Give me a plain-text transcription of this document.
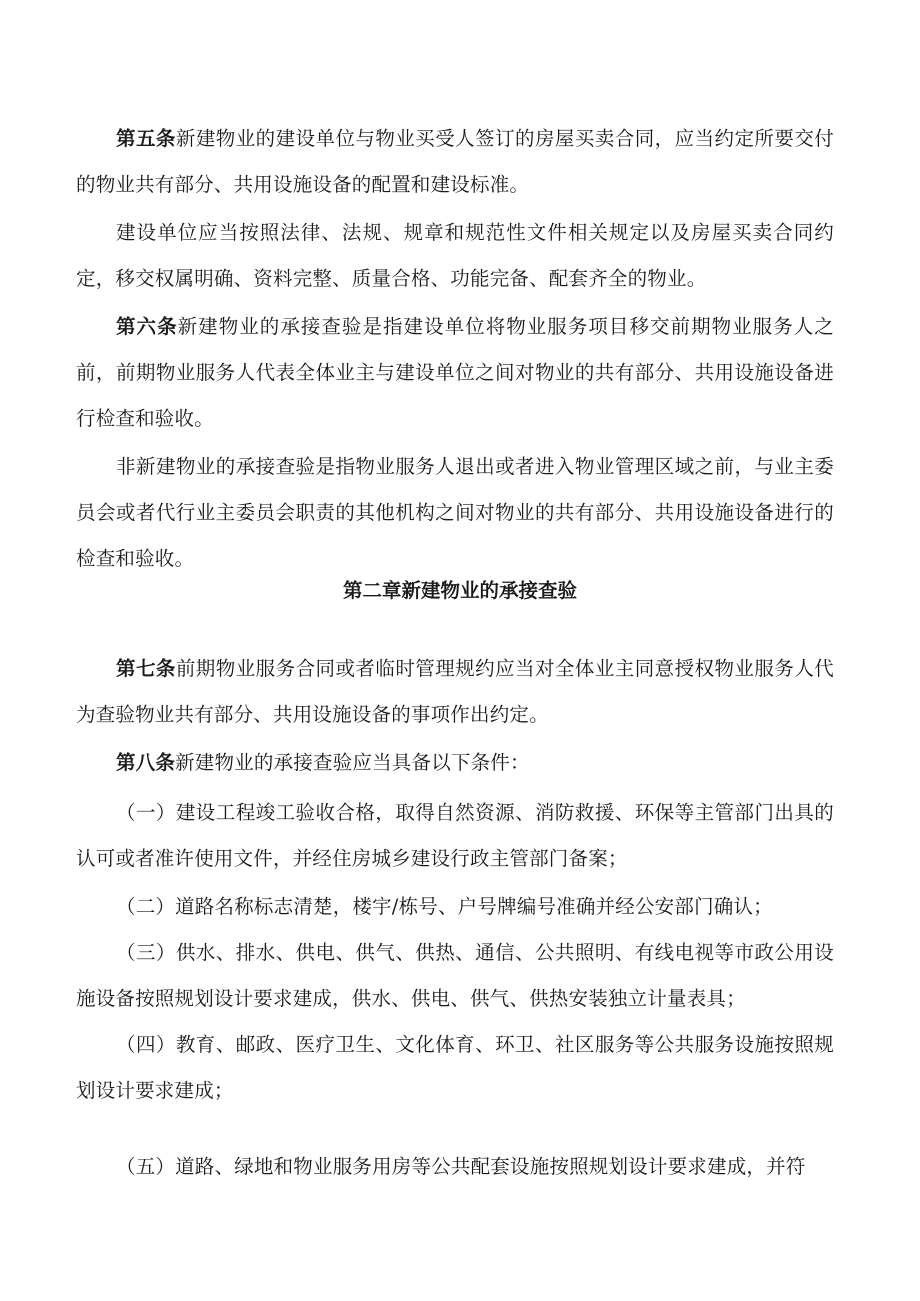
第五条新建物业的建设单位与物业买受人签订的房屋买卖合同，应当约定所要交付的物业共有部分、共用设施设备的配置和建设标准。

建设单位应当按照法律、法规、规章和规范性文件相关规定以及房屋买卖合同约定，移交权属明确、资料完整、质量合格、功能完备、配套齐全的物业。

第六条新建物业的承接查验是指建设单位将物业服务项目移交前期物业服务人之前，前期物业服务人代表全体业主与建设单位之间对物业的共有部分、共用设施设备进行检查和验收。

非新建物业的承接查验是指物业服务人退出或者进入物业管理区域之前，与业主委员会或者代行业主委员会职责的其他机构之间对物业的共有部分、共用设施设备进行的检查和验收。

第二章新建物业的承接查验

第七条前期物业服务合同或者临时管理规约应当对全体业主同意授权物业服务人代为查验物业共有部分、共用设施设备的事项作出约定。

第八条新建物业的承接查验应当具备以下条件：

（一）建设工程竣工验收合格，取得自然资源、消防救援、环保等主管部门出具的认可或者准许使用文件，并经住房城乡建设行政主管部门备案；

（二）道路名称标志清楚，楼宇/栋号、户号牌编号准确并经公安部门确认；

（三）供水、排水、供电、供气、供热、通信、公共照明、有线电视等市政公用设施设备按照规划设计要求建成，供水、供电、供气、供热安装独立计量表具；

（四）教育、邮政、医疗卫生、文化体育、环卫、社区服务等公共服务设施按照规划设计要求建成；

（五）道路、绿地和物业服务用房等公共配套设施按照规划设计要求建成，并符
